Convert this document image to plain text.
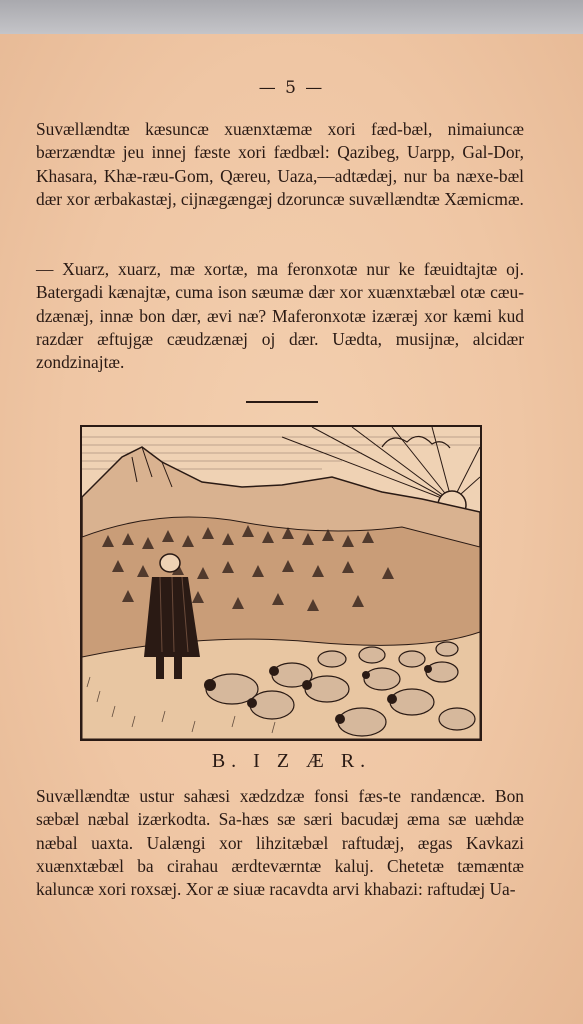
— 5 —

Suvællændtæ kæsuncæ xuænxtæmæ xori fæd-bæl, nimaiuncæ bærzændtæ jeu innej fæste xori fædbæl: Qazibeg, Uarpp, Gal-Dor, Khasara, Khæ-ræu-Gom, Qæreu, Uaza,—adtædæj, nur ba næxe-bæl dær xor ærbakastæj, cijnægængæj dzoruncæ suvællændtæ Xæmicmæ.

— Xuarz, xuarz, mæ xortæ, ma feronxotæ nur ke fæuidtajtæ oj. Batergadi kænajtæ, cuma ison sæumæ dær xor xuænxtæbæl otæ cæu-dzænæj, innæ bon dær, ævi næ? Maferonxotæ izæræj xor kæmi kud razdær æftujgæ cæudzænæj oj dær. Uædta, musijnæ, alcidær zondzinajtæ.

B. I Z Æ R.

Suvællændtæ ustur sahæsi xædzdzæ fonsi fæs-te randæncæ. Bon sæbæl næbal izærkodta. Sa-hæs sæ særi bacudæj æma sæ uæhdæ næbal uaxta. Ualængi xor lihzitæbæl raftudæj, ægas Kavkazi xuænxtæbæl ba cirahau ærdteværntæ kaluj. Chetetæ tæmæntæ kaluncæ xori roxsæj. Xor æ siuæ racavdta arvi khabazi: raftudæj Ua-
